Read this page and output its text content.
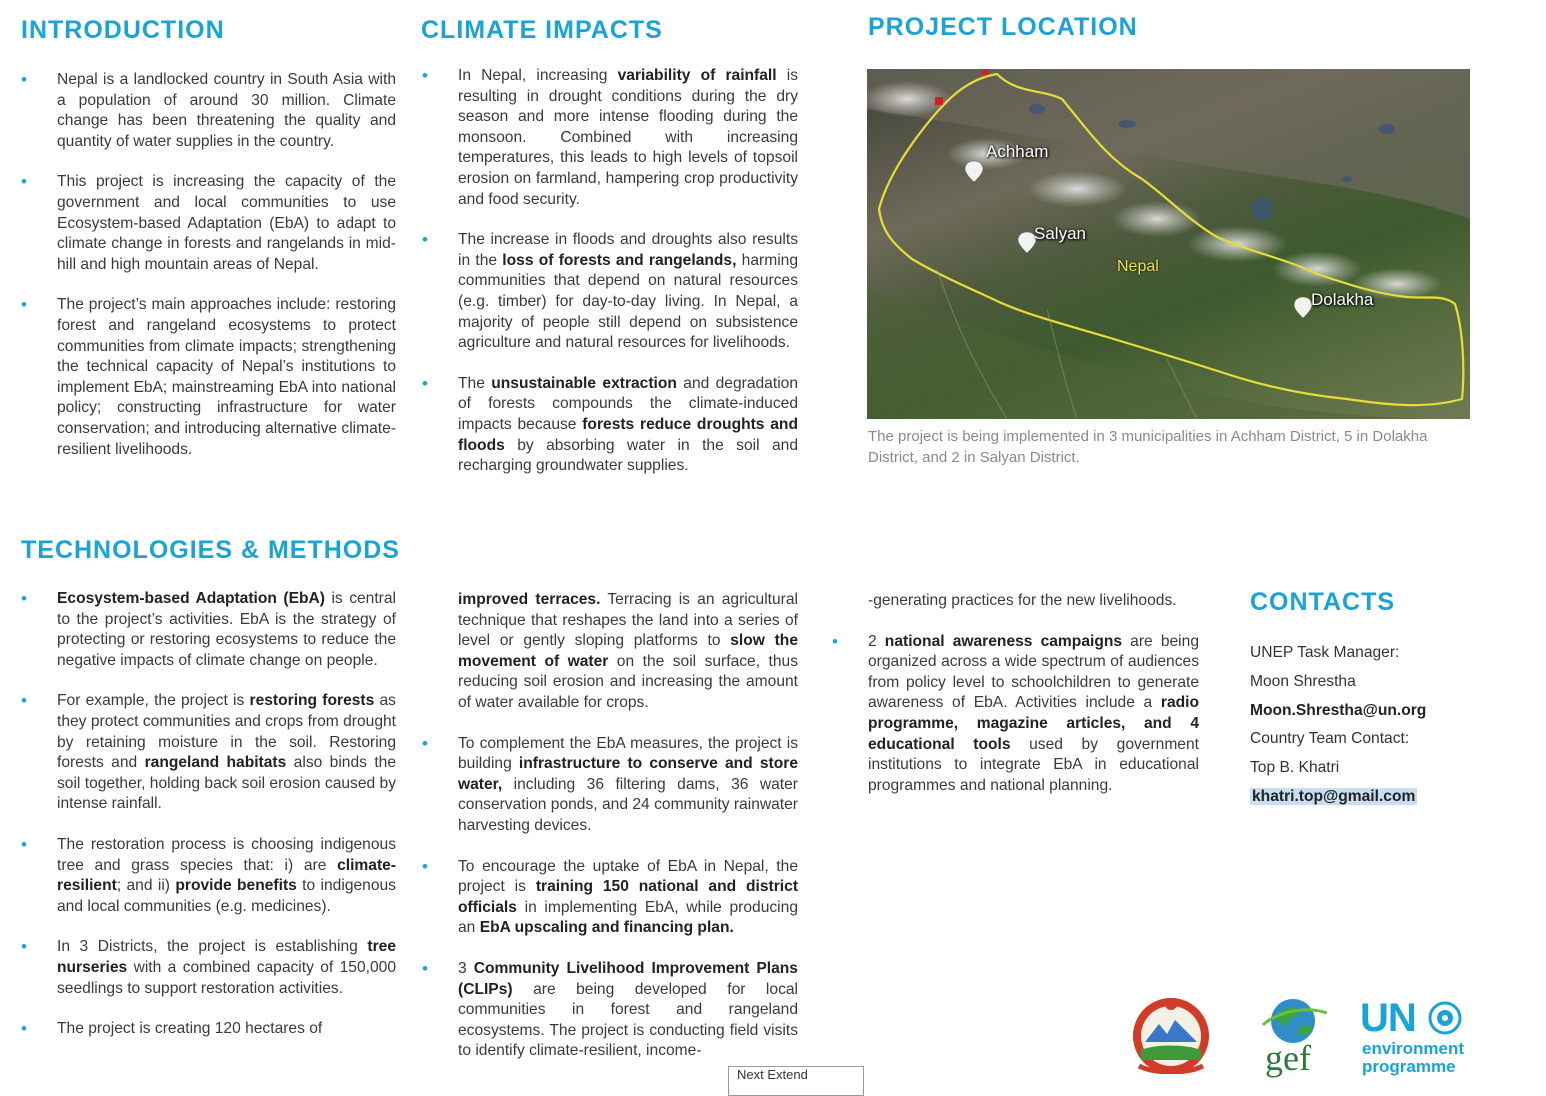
INTRODUCTION	CLIMATE IMPACTS	PROJECT LOCATION
TECHNOLOGIES & METHODS
CONTACTS
• Nepal is a landlocked country in South Asia with a population of around 30 million. Climate change has been threatening the quality and quantity of water supplies in the country.
• This project is increasing the capacity of the government and local communities to use Ecosystem-based Adaptation (EbA) to adapt to climate change in forests and rangelands in mid-hill and high mountain areas of Nepal.
• The project’s main approaches include: restoring forest and rangeland ecosystems to protect communities from climate impacts; strengthening the technical capacity of Nepal’s institutions to implement EbA; mainstreaming EbA into national policy; constructing infrastructure for water conservation; and introducing alternative climate-resilient livelihoods.
• In Nepal, increasing variability of rainfall is resulting in drought conditions during the dry season and more intense flooding during the monsoon. Combined with increasing temperatures, this leads to high levels of topsoil erosion on farmland, hampering crop productivity and food security.
• The increase in floods and droughts also results in the loss of forests and rangelands, harming communities that depend on natural resources (e.g. timber) for day-to-day living. In Nepal, a majority of people still depend on subsistence agriculture and natural resources for livelihoods.
• The unsustainable extraction and degradation of forests compounds the climate-induced impacts because forests reduce droughts and floods by absorbing water in the soil and recharging groundwater supplies.
Achham
Salyan
Dolakha
Nepal
The project is being implemented in 3 municipalities in Achham District, 5 in Dolakha District, and 2 in Salyan District.
• Ecosystem-based Adaptation (EbA) is central to the project’s activities. EbA is the strategy of protecting or restoring ecosystems to reduce the negative impacts of climate change on people.
• For example, the project is restoring forests as they protect communities and crops from drought by retaining moisture in the soil. Restoring forests and rangeland habitats also binds the soil together, holding back soil erosion caused by intense rainfall.
• The restoration process is choosing indigenous tree and grass species that: i) are climate-resilient; and ii) provide benefits to indigenous and local communities (e.g. medicines).
• In 3 Districts, the project is establishing tree nurseries with a combined capacity of 150,000 seedlings to support restoration activities.
• The project is creating 120 hectares of
improved terraces. Terracing is an agricultural technique that reshapes the land into a series of level or gently sloping platforms to slow the movement of water on the soil surface, thus reducing soil erosion and increasing the amount of water available for crops.
• To complement the EbA measures, the project is building infrastructure to conserve and store water, including 36 filtering dams, 36 water conservation ponds, and 24 community rainwater harvesting devices.
• To encourage the uptake of EbA in Nepal, the project is training 150 national and district officials in implementing EbA, while producing an EbA upscaling and financing plan.
• 3 Community Livelihood Improvement Plans (CLIPs) are being developed for local communities in forest and rangeland ecosystems. The project is conducting field visits to identify climate-resilient, income-
-generating practices for the new livelihoods.
• 2 national awareness campaigns are being organized across a wide spectrum of audiences from policy level to schoolchildren to generate awareness of EbA. Activities include a radio programme, magazine articles, and 4 educational tools used by government institutions to integrate EbA in educational programmes and national planning.
UNEP Task Manager:
Moon Shrestha
Moon.Shrestha@un.org
Country Team Contact:
Top B. Khatri
khatri.top@gmail.com
gef
UN
environment
programme
Next Extend
